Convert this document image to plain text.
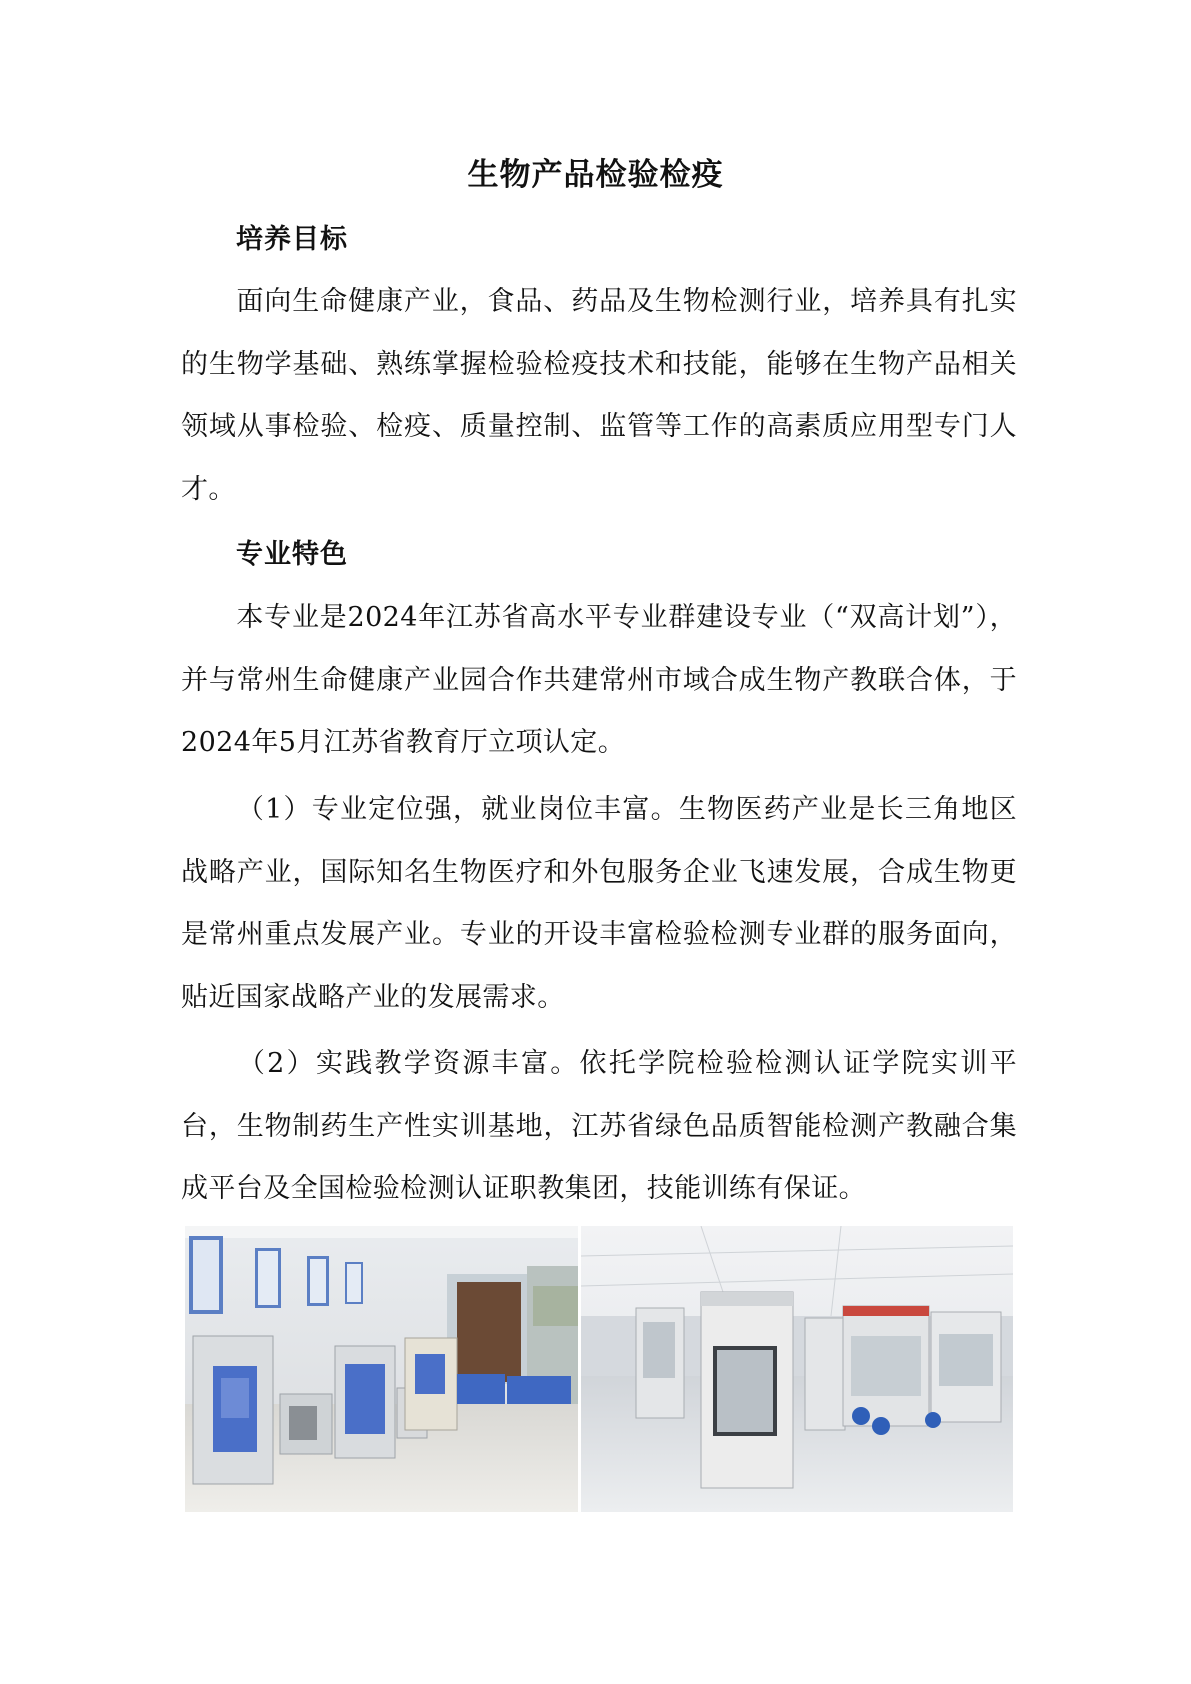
生物产品检验检疫
培养目标

面向生命健康产业，食品、药品及生物检测行业，培养具有扎实的生物学基础、熟练掌握检验检疫技术和技能，能够在生物产品相关领域从事检验、检疫、质量控制、监管等工作的高素质应用型专门人才。

专业特色

本专业是2024年江苏省高水平专业群建设专业（“双高计划”），并与常州生命健康产业园合作共建常州市域合成生物产教联合体，于2024年5月江苏省教育厅立项认定。

（1）专业定位强，就业岗位丰富。生物医药产业是长三角地区战略产业，国际知名生物医疗和外包服务企业飞速发展，合成生物更是常州重点发展产业。专业的开设丰富检验检测专业群的服务面向，贴近国家战略产业的发展需求。

（2）实践教学资源丰富。依托学院检验检测认证学院实训平台，生物制药生产性实训基地，江苏省绿色品质智能检测产教融合集成平台及全国检验检测认证职教集团，技能训练有保证。
